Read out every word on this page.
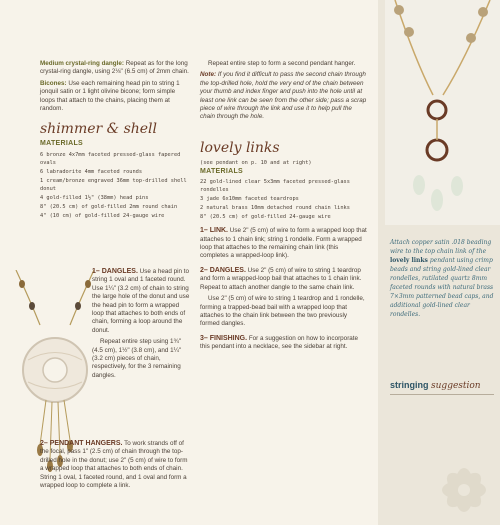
Medium crystal-ring dangle: Repeat as for the long crystal-ring dangle, using 2⅛" (6.5 cm) of 2mm chain.

Bicones: Use each remaining head pin to string 1 jonquil satin or 1 light olivine bicone; form simple loops that attach to the chains, placing them at random.

shimmer & shell
MATERIALS
6 bronze 4x7mm faceted pressed-glass fapered ovals
6 labradorite 4mm faceted rounds
1 cream/bronze engraved 36mm top-drilled shell donut
4 gold-filled 1½" (38mm) head pins
8" (20.5 cm) of gold-filled 2mm round chain
4" (10 cm) of gold-filled 24-gauge wire

1– DANGLES. Use a head pin to string 1 oval and 1 faceted round. Use 1¼" (3.2 cm) of chain to string the large hole of the donut and use the head pin to form a wrapped loop that attaches to both ends of chain, forming a loop around the donut.

Repeat entire step using 1¾" (4.5 cm), 1½" (3.8 cm), and 1¼" (3.2 cm) pieces of chain, respectively, for the 3 remaining dangles.

2– PENDANT HANGERS. To work strands off of the focal, pass 1" (2.5 cm) of chain through the top-drilled hole in the donut; use 2" (5 cm) of wire to form a wrapped loop that attaches to both ends of chain. String 1 oval, 1 faceted round, and 1 oval and form a wrapped loop to complete a link.

Repeat entire step to form a second pendant hanger.

Note: If you find it difficult to pass the second chain through the top-drilled hole, hold the very end of the chain between your thumb and index finger and push into the hole until at least one link can be seen from the other side; pass a scrap piece of wire through the link and use it to help pull the chain through the hole.

lovely links
(see pendant on p. 10 and at right)
MATERIALS
22 gold-lined clear 5x3mm faceted pressed-glass rondelles
3 jade 6x10mm faceted teardrops
2 natural brass 10mm detached round chain links
8" (20.5 cm) of gold-filled 24-gauge wire

1– LINK. Use 2" (5 cm) of wire to form a wrapped loop that attaches to 1 chain link; string 1 rondelle. Form a wrapped loop that attaches to the remaining chain link (this completes a wrapped-loop link).

2– DANGLES. Use 2" (5 cm) of wire to string 1 teardrop and form a wrapped-loop bail that attaches to 1 chain link. Repeat to attach another dangle to the same chain link.

Use 2" (5 cm) of wire to string 1 teardrop and 1 rondelle, forming a trapped-bead bail with a wrapped loop that attaches to the chain link between the two previously formed dangles.

3– FINISHING. For a suggestion on how to incorporate this pendant into a necklace, see the sidebar at right.

Attach copper satin .018 beading wire to the top chain link of the lovely links pendant using crimp beads and string gold-lined clear rondelles, rutilated quartz 8mm faceted rounds with natural brass 7×3mm patterned bead caps, and additional gold-lined clear rondelles.
stringing suggestion
